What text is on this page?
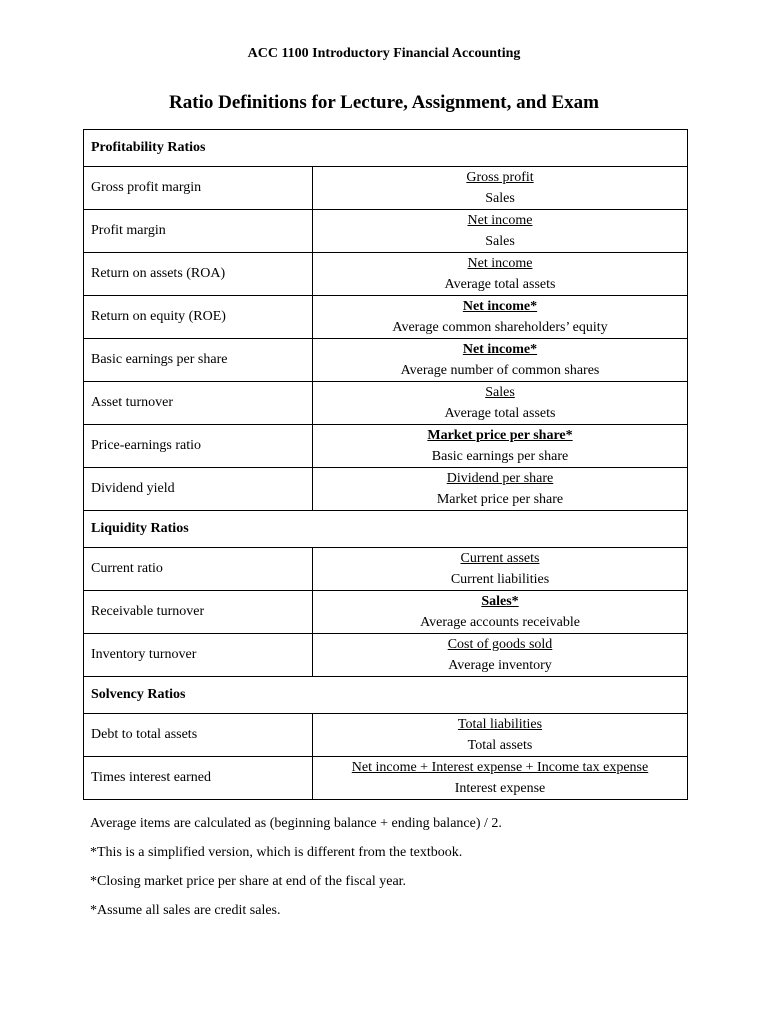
ACC 1100 Introductory Financial Accounting
Ratio Definitions for Lecture, Assignment, and Exam
Profitability Ratios	
Gross profit margin	Gross profit
Sales

Profit margin	Net income
Sales

Return on assets (ROA)	Net income
Average total assets

Return on equity (ROE)	Net income*
Average common shareholders’ equity

Basic earnings per share	Net income*
Average number of common shares

Asset turnover	Sales
Average total assets

Price-earnings ratio	Market price per share*
Basic earnings per share

Dividend yield	Dividend per share
Market price per share

Liquidity Ratios	
Current ratio	Current assets
Current liabilities

Receivable turnover	Sales*
Average accounts receivable

Inventory turnover	Cost of goods sold
Average inventory

Solvency Ratios	
Debt to total assets	Total liabilities
Total assets

Times interest earned	Net income + Interest expense + Income tax expense
Interest expense

Average items are calculated as (beginning balance + ending balance) / 2.

*This is a simplified version, which is different from the textbook.

*Closing market price per share at end of the fiscal year.

*Assume all sales are credit sales.
